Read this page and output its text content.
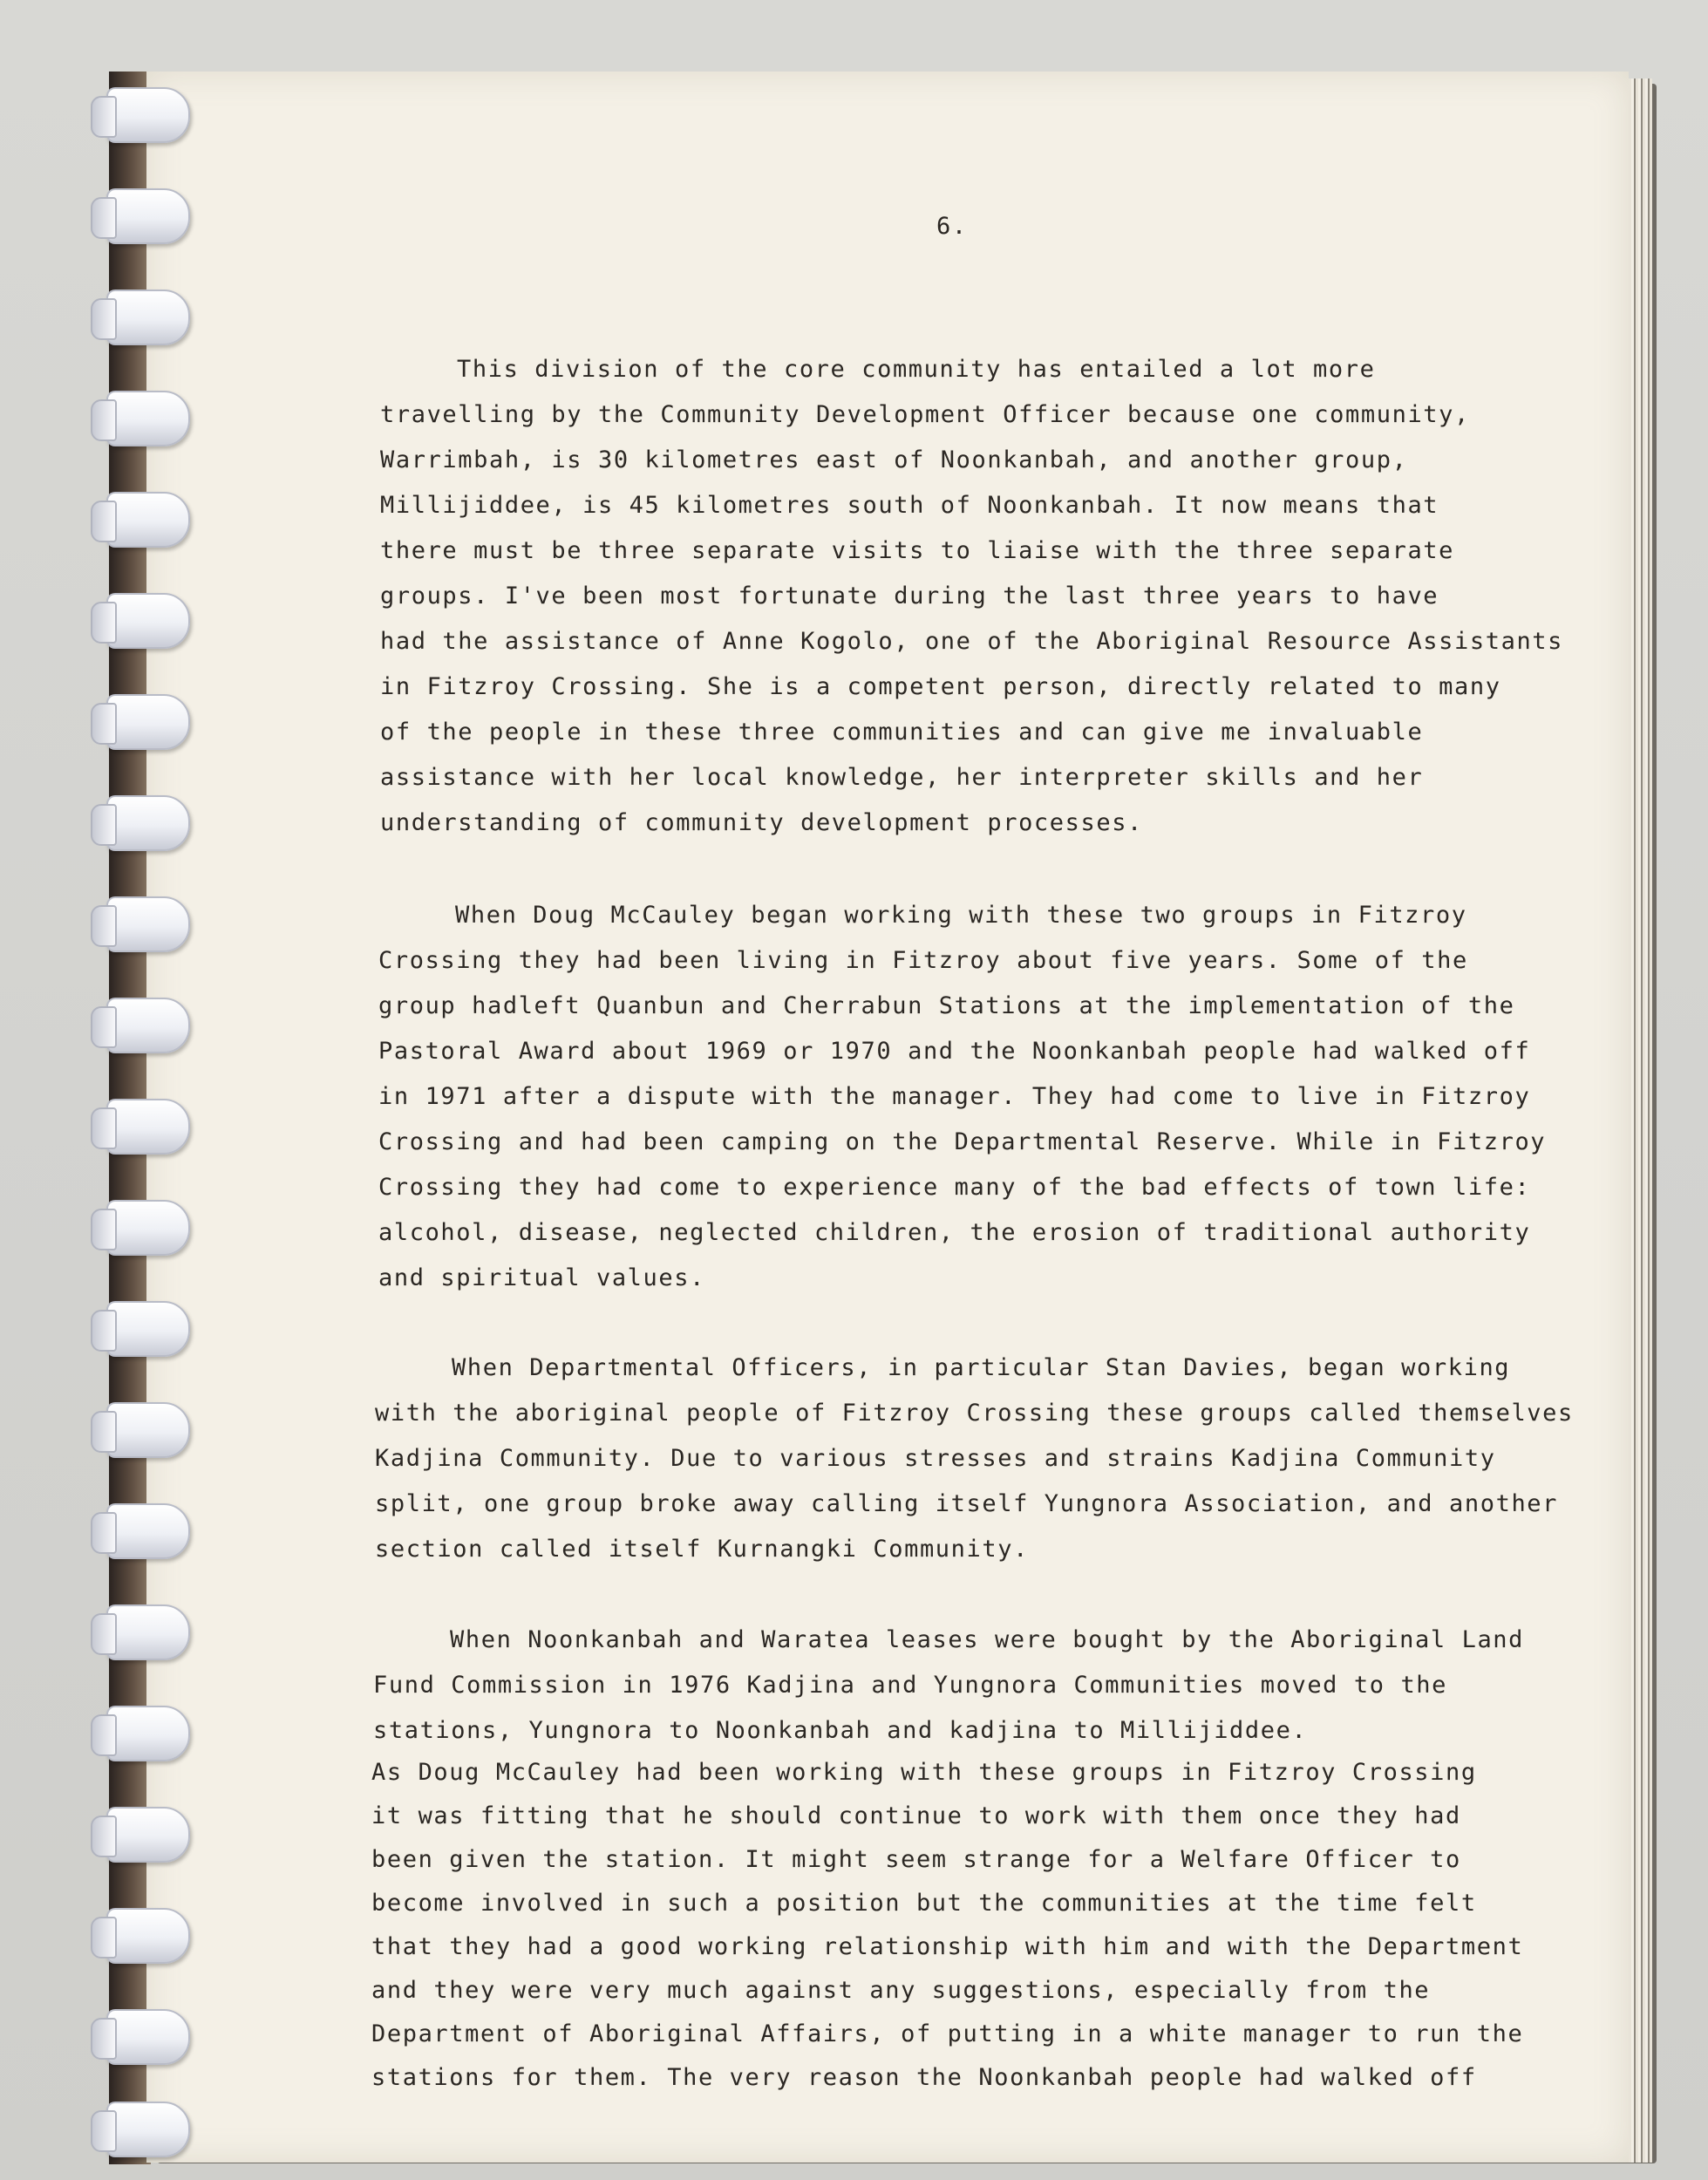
6.

This division of the core community has entailed a lot more
travelling by the Community Development Officer because one community,
Warrimbah, is 30 kilometres east of Noonkanbah, and another group,
Millijiddee, is 45 kilometres south of Noonkanbah. It now means that
there must be three separate visits to liaise with the three separate
groups. I've been most fortunate during the last three years to have
had the assistance of Anne Kogolo, one of the Aboriginal Resource Assistants
in Fitzroy Crossing. She is a competent person, directly related to many
of the people in these three communities and can give me invaluable
assistance with her local knowledge, her interpreter skills and her
understanding of community development processes.
When Doug McCauley began working with these two groups in Fitzroy
Crossing they had been living in Fitzroy about five years. Some of the
group hadleft Quanbun and Cherrabun Stations at the implementation of the
Pastoral Award about 1969 or 1970 and the Noonkanbah people had walked off
in 1971 after a dispute with the manager. They had come to live in Fitzroy
Crossing and had been camping on the Departmental Reserve. While in Fitzroy
Crossing they had come to experience many of the bad effects of town life:
alcohol, disease, neglected children, the erosion of traditional authority
and spiritual values.
When Departmental Officers, in particular Stan Davies, began working
with the aboriginal people of Fitzroy Crossing these groups called themselves
Kadjina Community. Due to various stresses and strains Kadjina Community
split, one group broke away calling itself Yungnora Association, and another
section called itself Kurnangki Community.
When Noonkanbah and Waratea leases were bought by the Aboriginal Land
Fund Commission in 1976 Kadjina and Yungnora Communities moved to the
stations, Yungnora to Noonkanbah and kadjina to Millijiddee.
As Doug McCauley had been working with these groups in Fitzroy Crossing
it was fitting that he should continue to work with them once they had
been given the station. It might seem strange for a Welfare Officer to
become involved in such a position but the communities at the time felt
that they had a good working relationship with him and with the Department
and they were very much against any suggestions, especially from the
Department of Aboriginal Affairs, of putting in a white manager to run the
stations for them. The very reason the Noonkanbah people had walked off
